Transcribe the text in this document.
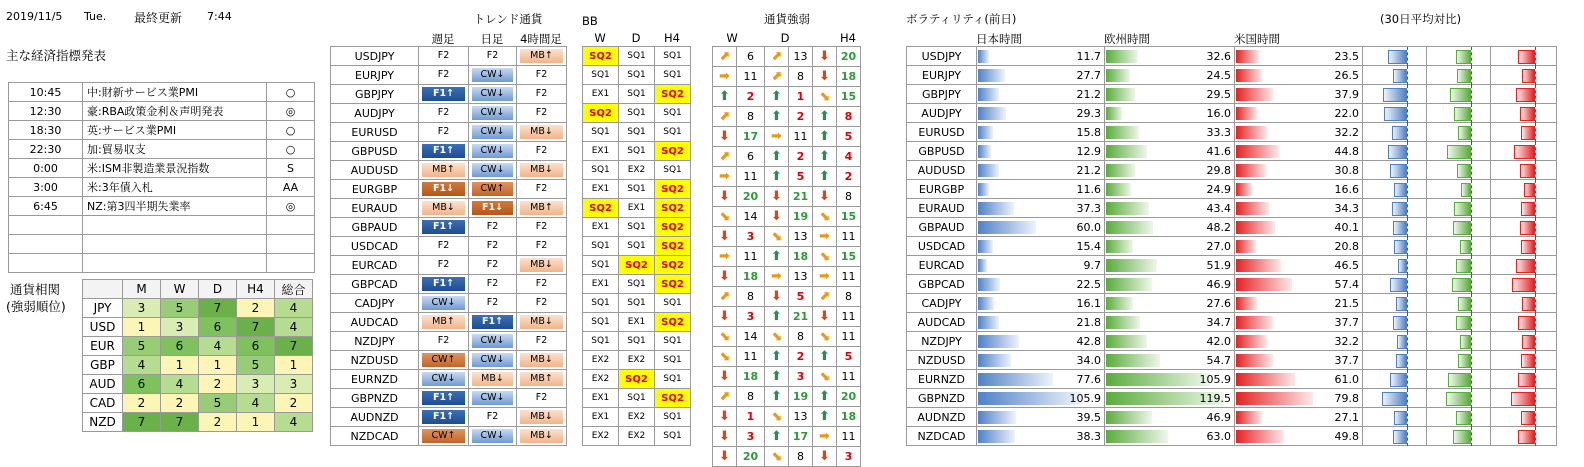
2019/11/5 Tue. 最終更新 7:44
主な経済指標発表
10:45	中:財新サービス業PMI	○
12:30	豪:RBA政策金利＆声明発表	◎
18:30	英:サービス業PMI	○
22:30	加:貿易収支	○
0:00	米:ISM非製造業景況指数	S
3:00	米:3年債入札	AA
6:45	NZ:第3四半期失業率	◎

通貨相関
(強弱順位)
	M	W	D	H4	総合
JPY	3	5	7	2	4
USD	1	3	6	7	4
EUR	5	6	4	6	7
GBP	4	1	1	5	1
AUD	6	4	2	3	3
CAD	2	2	5	4	2
NZD	7	7	2	1	4
トレンド通貨
週足	日足	4時間足
BB
W	D	H4
通貨強弱
W	D	H4
ボラティリティ(前日)	(30日平均対比)
日本時間	欧州時間	米国時間
USDJPY	F2	F2	MB↑		SQ2	SQ1	SQ1
EURJPY	F2	CW↓	F2		SQ1	SQ1	SQ1
GBPJPY	F1↑	CW↓	F2		EX1	SQ1	SQ2
AUDJPY	F2	CW↓	F2		SQ2	SQ1	SQ1
EURUSD	F2	CW↓	MB↓		SQ1	SQ1	SQ1
GBPUSD	F1↑	CW↓	F2		EX1	SQ1	SQ2
AUDUSD	MB↑	CW↓	MB↓		SQ1	EX2	SQ1
EURGBP	F1↓	CW↑	F2		EX1	SQ1	SQ2
EURAUD	MB↓	F1↓	MB↑		SQ2	EX1	SQ2
GBPAUD	F1↑	F2	F2		EX1	SQ1	SQ2
USDCAD	F2	F2	F2		SQ1	SQ1	SQ2
EURCAD	F2	F2	MB↓		SQ1	SQ2	SQ2
GBPCAD	F1↑	F2	F2		EX1	SQ1	SQ2
CADJPY	CW↓	F2	F2		SQ1	SQ1	SQ1
AUDCAD	MB↑	F1↑	MB↓		SQ1	EX1	SQ2
NZDJPY	F2	CW↓	F2		SQ1	SQ1	SQ1
NZDUSD	CW↑	CW↓	MB↓		EX2	EX2	SQ1
EURNZD	CW↓	MB↓	MB↑		EX2	SQ2	SQ1
GBPNZD	F1↑	CW↓	F2		EX1	SQ1	SQ2
AUDNZD	F1↑	F2	MB↓		EX1	EX2	SQ1
NZDCAD	CW↑	CW↓	MB↓		EX2	EX2	SQ1
⬈	6	⬈	13	⬇	20
➡	11	⬈	8	⬇	18
⬆	2	⬆	1	⬊	15
⬈	8	⬆	2	⬆	8
⬇	17	➡	11	⬆	5
⬈	6	⬆	2	⬆	4
➡	11	⬆	5	⬆	2
⬇	20	⬇	21	⬇	8
⬊	14	⬇	19	⬊	15
⬇	3	⬊	13	➡	11
➡	11	⬆	18	⬊	15
⬇	18	➡	13	➡	11
⬈	8	⬇	5	⬈	8
⬇	3	⬆	21	⬇	11
⬊	14	⬊	8	⬊	11
⬊	11	⬆	2	⬆	5
⬇	18	⬆	3	⬊	11
⬈	8	⬆	19	⬆	20
⬇	1	⬊	13	⬆	18
⬇	3	⬆	17	➡	11
⬇	20	⬊	8	⬇	3
USDJPY	11.7	32.6	23.5	

EURJPY	27.7	24.5	26.5	

GBPJPY	21.2	29.5	37.9	

AUDJPY	29.3	16.0	22.0	

EURUSD	15.8	33.3	32.2	

GBPUSD	12.9	41.6	44.8	

AUDUSD	21.2	29.8	30.8	

EURGBP	11.6	24.9	16.6	

EURAUD	37.3	43.4	34.3	

GBPAUD	60.0	48.2	40.1	

USDCAD	15.4	27.0	20.8	

EURCAD	9.7	51.9	46.5	

GBPCAD	22.5	46.9	57.4	

CADJPY	16.1	27.6	21.5	

AUDCAD	21.8	34.7	37.7	

NZDJPY	42.8	42.0	32.2	

NZDUSD	34.0	54.7	37.7	

EURNZD	77.6	105.9	61.0	

GBPNZD	105.9	119.5	79.8	

AUDNZD	39.5	46.9	27.1	

NZDCAD	38.3	63.0	49.8	
